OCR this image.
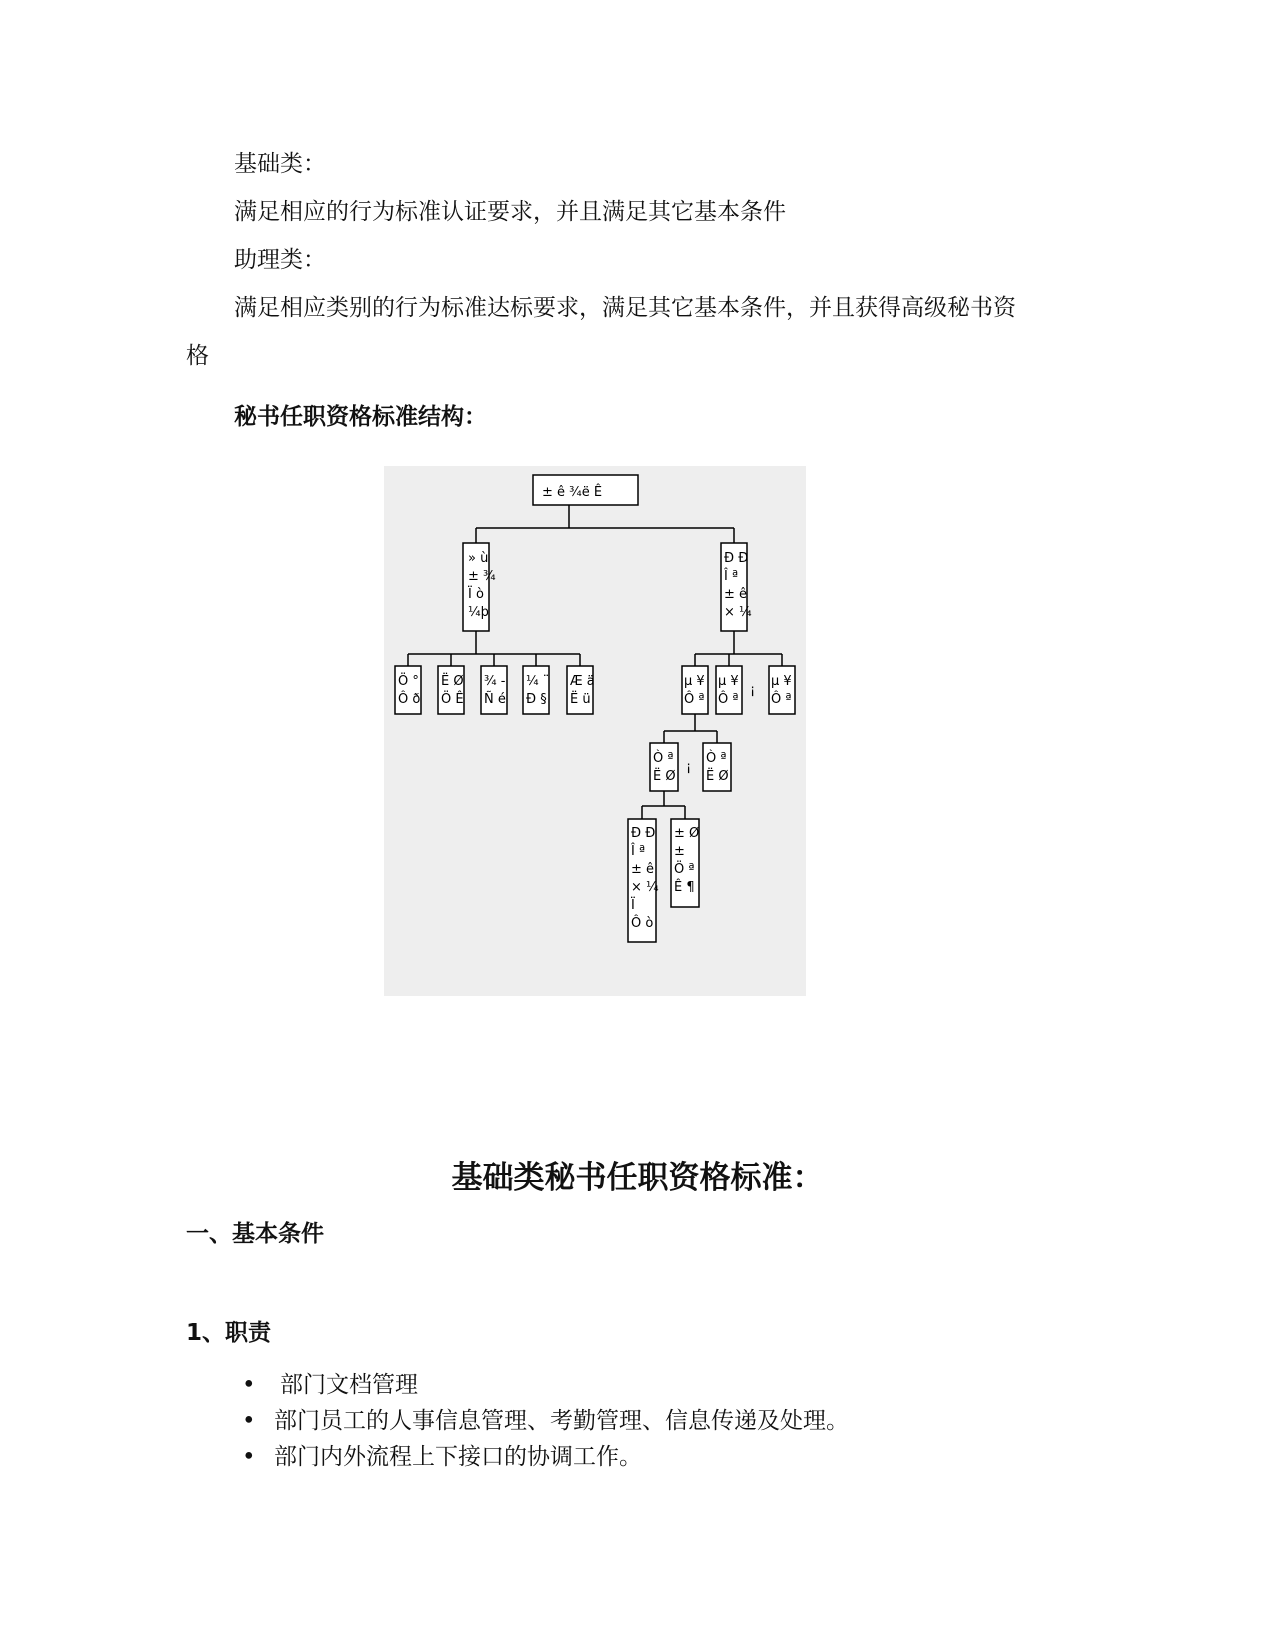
基础类：
满足相应的行为标准认证要求，并且满足其它基本条件
助理类：
满足相应类别的行为标准达标要求，满足其它基本条件，并且获得高级秘书资
格
秘书任职资格标准结构：
± ê ¾ë Ê
» ù
± ¾
Ï ò
¼þ
Ð Ð
Î ª
± ê
× ¼
Ö °
Ô ð
Ë Ø
Ö Ê
¾ -
Ñ é
¼ ¨
Ð §
Æ ä
Ë ü
µ ¥
Ô ª
µ ¥
Ô ª
¡
µ ¥
Ô ª
Ò ª
Ë Ø
¡
Ò ª
Ë Ø
Ð Ð
Î ª
± ê
× ¼
Ï
Ô ò
± Ø
±
Ö ª
Ê ¶
基础类秘书任职资格标准：
一、基本条件
1、职责
• 部门文档管理
• 部门员工的人事信息管理、考勤管理、信息传递及处理。
• 部门内外流程上下接口的协调工作。
